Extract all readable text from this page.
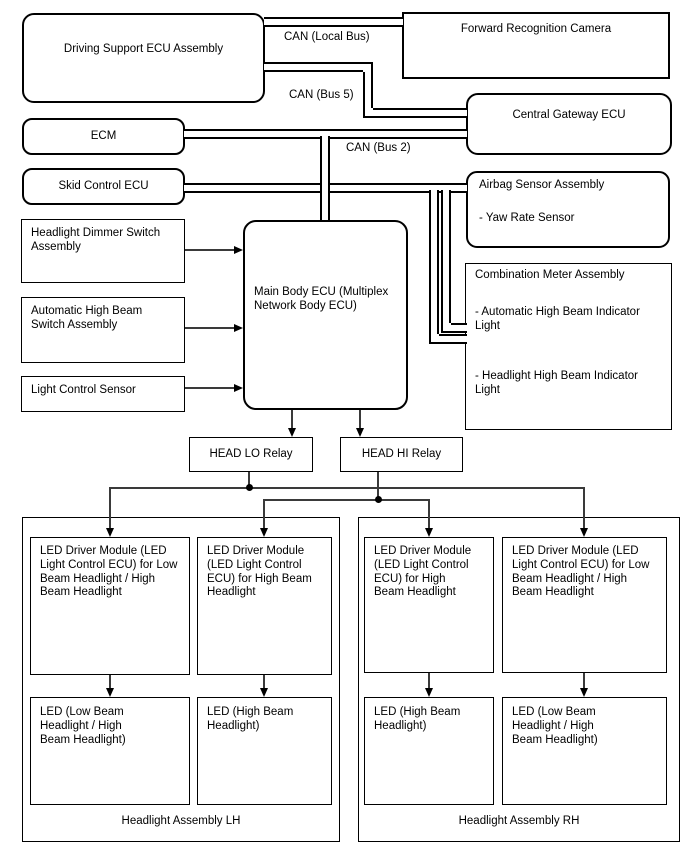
Driving Support ECU Assembly
Forward Recognition Camera
Central Gateway ECU
ECM
Skid Control ECU	Airbag Sensor Assembly
- Yaw Rate Sensor
Headlight Dimmer Switch Assembly
Automatic High Beam Switch Assembly
Light Control Sensor
Main Body ECU (Multiplex Network Body ECU)
Combination Meter Assembly
- Automatic High Beam Indicator Light
- Headlight High Beam Indicator Light
HEAD LO Relay	HEAD HI Relay
Headlight Assembly LH	Headlight Assembly RH
LED Driver Module (LED Light Control ECU) for Low Beam Headlight / High Beam Headlight
LED Driver Module (LED Light Control ECU) for High Beam Headlight
LED Driver Module (LED Light Control ECU) for High Beam Headlight
LED Driver Module (LED Light Control ECU) for Low Beam Headlight / High Beam Headlight
LED (Low Beam Headlight / High Beam Headlight)
LED (High Beam Headlight)
LED (High Beam Headlight)
LED (Low Beam Headlight / High Beam Headlight)
CAN (Local Bus)
CAN (Bus 5)
CAN (Bus 2)
